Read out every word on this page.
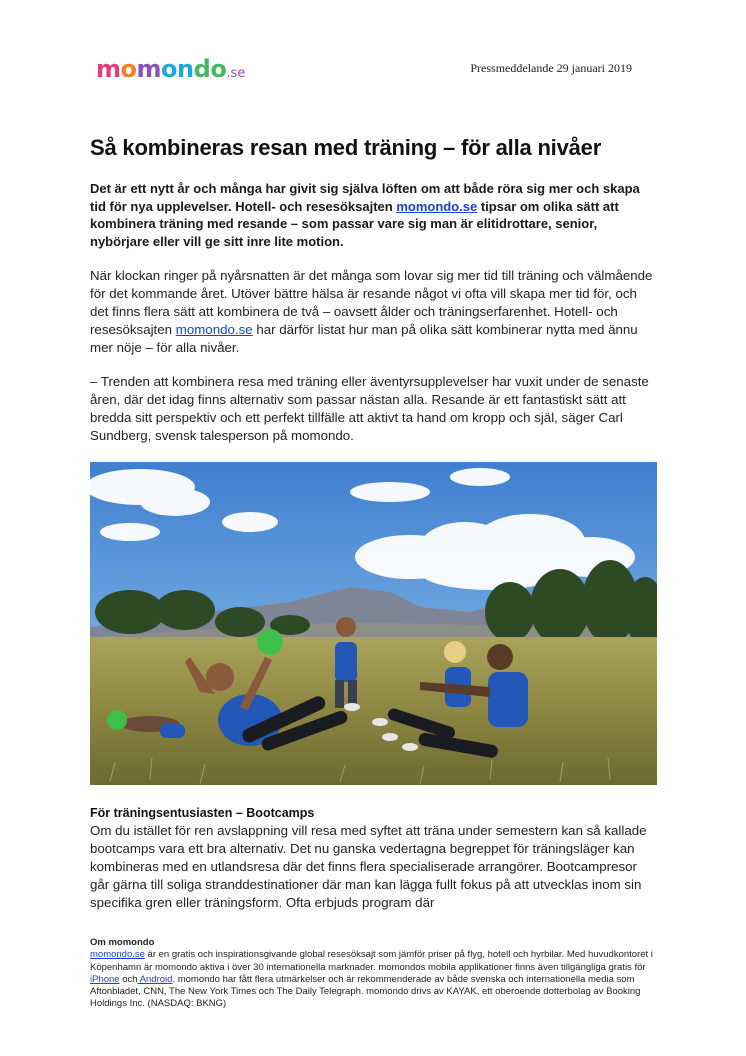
momondo.se	Pressmeddelande 29 januari 2019
Så kombineras resan med träning – för alla nivåer

Det är ett nytt år och många har givit sig själva löften om att både röra sig mer och skapa tid för nya upplevelser. Hotell- och resesöksajten momondo.se tipsar om olika sätt att kombinera träning med resande – som passar vare sig man är elitidrottare, senior, nybörjare eller vill ge sitt inre lite motion.

När klockan ringer på nyårsnatten är det många som lovar sig mer tid till träning och välmående för det kommande året. Utöver bättre hälsa är resande något vi ofta vill skapa mer tid för, och det finns flera sätt att kombinera de två – oavsett ålder och träningserfarenhet. Hotell- och resesöksajten momondo.se har därför listat hur man på olika sätt kombinerar nytta med ännu mer nöje – för alla nivåer.

– Trenden att kombinera resa med träning eller äventyrsupplevelser har vuxit under de senaste åren, där det idag finns alternativ som passar nästan alla. Resande är ett fantastiskt sätt att bredda sitt perspektiv och ett perfekt tillfälle att aktivt ta hand om kropp och själ, säger Carl Sundberg, svensk talesperson på momondo.

För träningsentusiasten – Bootcamps

Om du istället för ren avslappning vill resa med syftet att träna under semestern kan så kallade bootcamps vara ett bra alternativ. Det nu ganska vedertagna begreppet för träningsläger kan kombineras med en utlandsresa där det finns flera specialiserade arrangörer. Bootcampresor går gärna till soliga stranddestinationer där man kan lägga fullt fokus på att utvecklas inom sin specifika gren eller träningsform. Ofta erbjuds program där

Om momondo
momondo.se är en gratis och inspirationsgivande global resesöksajt som jämför priser på flyg, hotell och hyrbilar. Med huvudkontoret i Köpenhamn är momondo aktiva i över 30 internationella marknader. momondos mobila applikationer finns även tillgängliga gratis för iPhone och Android. momondo har fått flera utmärkelser och är rekommenderade av både svenska och internationella media som Aftonbladet, CNN, The New York Times och The Daily Telegraph. momondo drivs av KAYAK, ett oberoende dotterbolag av Booking Holdings Inc. (NASDAQ: BKNG)
